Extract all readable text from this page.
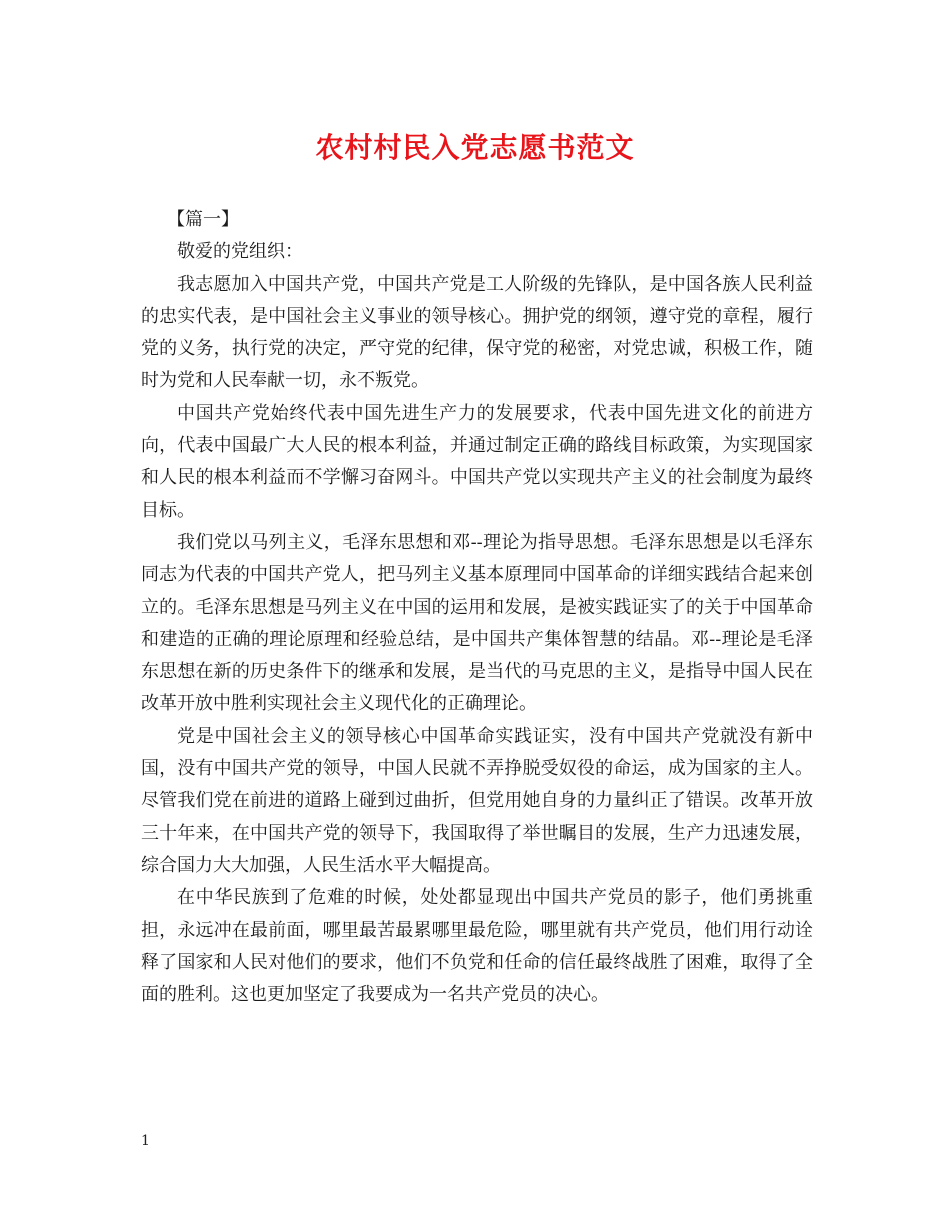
农村村民入党志愿书范文

【篇一】

敬爱的党组织：

我志愿加入中国共产党，中国共产党是工人阶级的先锋队，是中国各族人民利益的忠实代表，是中国社会主义事业的领导核心。拥护党的纲领，遵守党的章程，履行党的义务，执行党的决定，严守党的纪律，保守党的秘密，对党忠诚，积极工作，随时为党和人民奉献一切，永不叛党。

中国共产党始终代表中国先进生产力的发展要求，代表中国先进文化的前进方向，代表中国最广大人民的根本利益，并通过制定正确的路线目标政策，为实现国家和人民的根本利益而不学懈习奋网斗。中国共产党以实现共产主义的社会制度为最终目标。

我们党以马列主义，毛泽东思想和邓--理论为指导思想。毛泽东思想是以毛泽东同志为代表的中国共产党人，把马列主义基本原理同中国革命的详细实践结合起来创立的。毛泽东思想是马列主义在中国的运用和发展，是被实践证实了的关于中国革命和建造的正确的理论原理和经验总结，是中国共产集体智慧的结晶。邓--理论是毛泽东思想在新的历史条件下的继承和发展，是当代的马克思的主义，是指导中国人民在改革开放中胜利实现社会主义现代化的正确理论。

党是中国社会主义的领导核心中国革命实践证实，没有中国共产党就没有新中国，没有中国共产党的领导，中国人民就不弄挣脱受奴役的命运，成为国家的主人。尽管我们党在前进的道路上碰到过曲折，但党用她自身的力量纠正了错误。改革开放三十年来，在中国共产党的领导下，我国取得了举世瞩目的发展，生产力迅速发展，综合国力大大加强，人民生活水平大幅提高。

在中华民族到了危难的时候，处处都显现出中国共产党员的影子，他们勇挑重担，永远冲在最前面，哪里最苦最累哪里最危险，哪里就有共产党员，他们用行动诠释了国家和人民对他们的要求，他们不负党和任命的信任最终战胜了困难，取得了全面的胜利。这也更加坚定了我要成为一名共产党员的决心。

1
